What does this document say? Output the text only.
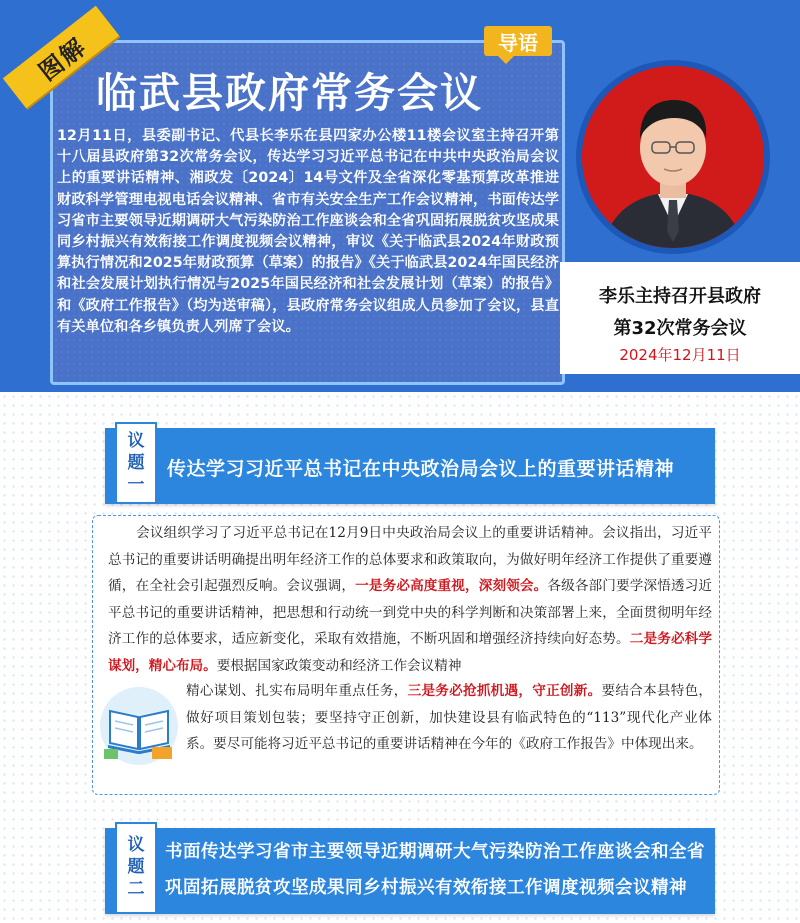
图解
临武县政府常务会议
导语
12月11日，县委副书记、代县长李乐在县四家办公楼11楼会议室主持召开第十八届县政府第32次常务会议，传达学习习近平总书记在中共中央政治局会议上的重要讲话精神、湘政发〔2024〕14号文件及全省深化零基预算改革推进财政科学管理电视电话会议精神、省市有关安全生产工作会议精神，书面传达学习省市主要领导近期调研大气污染防治工作座谈会和全省巩固拓展脱贫攻坚成果同乡村振兴有效衔接工作调度视频会议精神，审议《关于临武县2024年财政预算执行情况和2025年财政预算（草案）的报告》《关于临武县2024年国民经济和社会发展计划执行情况与2025年国民经济和社会发展计划（草案）的报告》和《政府工作报告》（均为送审稿），县政府常务会议组成人员参加了会议，县直有关单位和各乡镇负责人列席了会议。
李乐主持召开县政府
第32次常务会议
2024年12月11日
议
题
一
传达学习习近平总书记在中央政治局会议上的重要讲话精神
会议组织学习了习近平总书记在12月9日中央政治局会议上的重要讲话精神。会议指出，习近平总书记的重要讲话明确提出明年经济工作的总体要求和政策取向，为做好明年经济工作提供了重要遵循，在全社会引起强烈反响。会议强调，一是务必高度重视，深刻领会。各级各部门要学深悟透习近平总书记的重要讲话精神，把思想和行动统一到党中央的科学判断和决策部署上来，全面贯彻明年经济工作的总体要求，适应新变化，采取有效措施，不断巩固和增强经济持续向好态势。二是务必科学谋划，精心布局。要根据国家政策变动和经济工作会议精神
精心谋划、扎实布局明年重点任务，三是务必抢抓机遇，守正创新。要结合本县特色，做好项目策划包装；要坚持守正创新，加快建设县有临武特色的“113”现代化产业体系。要尽可能将习近平总书记的重要讲话精神在今年的《政府工作报告》中体现出来。
议
题
二
书面传达学习省市主要领导近期调研大气污染防治工作座谈会和全省
巩固拓展脱贫攻坚成果同乡村振兴有效衔接工作调度视频会议精神
